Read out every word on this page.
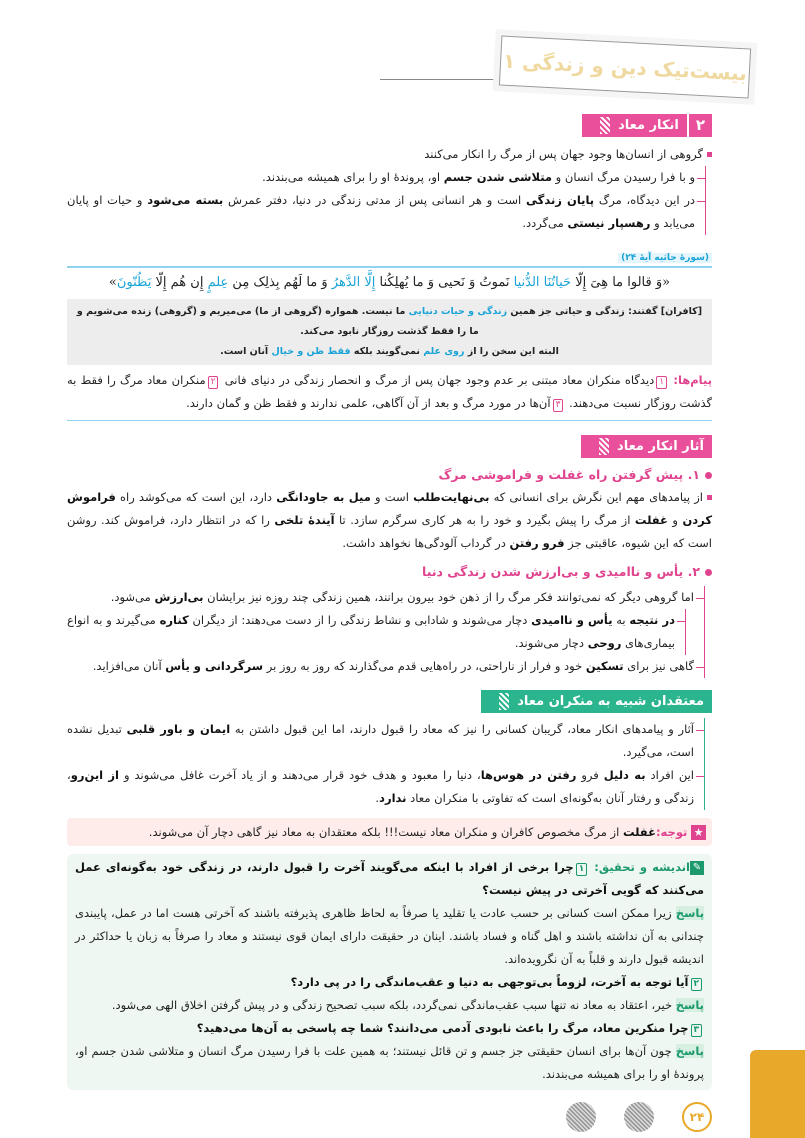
بیست‌تیک دین و زندگی ۱
۲
انکار معاد
گروهی از انسان‌ها وجود جهان پس از مرگ را انکار می‌کنند
و با فرا رسیدن مرگ انسان و متلاشی شدن جسم او، پروندهٔ او را برای همیشه می‌بندند.
در این دیدگاه، مرگ پایان زندگی است و هر انسانی پس از مدتی زندگی در دنیا، دفتر عمرش بسته می‌شود و حیات او پایان می‌یابد و رهسپار نیستی می‌گردد.
(سورهٔ جاثیه آیهٔ ۲۴)
«وَ قالوا ما هِیَ إِلّا حَیاتُنَا الدُّنیا نَموتُ وَ نَحیی وَ ما یُهلِکُنا إِلَّا الدَّهرُ وَ ما لَهُم بِذلِک مِن عِلمٍ إِن هُم إِلّا یَظُنّونَ»
[کافران] گفتند: زندگی و حیاتی جز همین زندگی و حیات دنیایی ما نیست. همواره (گروهی از ما) می‌میریم و (گروهی) زنده می‌شویم و ما را فقط گذشت روزگار نابود می‌کند.
البته این سخن را از روی علم نمی‌گویند بلکه فقط ظن و خیال آنان است.
پیام‌ها: ۱دیدگاه منکران معاد مبتنی بر عدم وجود جهان پس از مرگ و انحصار زندگی در دنیای فانی ۲منکران معاد مرگ را فقط به گذشت روزگار نسبت می‌دهند. ۳آن‌ها در مورد مرگ و بعد از آن آگاهی، علمی ندارند و فقط ظن و گمان دارند.
آثار انکار معاد
۱. پیش گرفتن راه غفلت و فراموشی مرگ
از پیامدهای مهم این نگرش برای انسانی که بی‌نهایت‌طلب است و میل به جاودانگی دارد، این است که می‌کوشد راه فراموش کردن و غفلت از مرگ را پیش بگیرد و خود را به هر کاری سرگرم سازد. تا آیندهٔ تلخی را که در انتظار دارد، فراموش کند. روشن است که این شیوه، عاقبتی جز فرو رفتن در گرداب آلودگی‌ها نخواهد داشت.
۲. یأس و ناامیدی و بی‌ارزش شدن زندگی دنیا
اما گروهی دیگر که نمی‌توانند فکر مرگ را از ذهن خود بیرون برانند، همین زندگی چند روزه نیز برایشان بی‌ارزش می‌شود.
در نتیجه به یأس و ناامیدی دچار می‌شوند و شادابی و نشاط زندگی را از دست می‌دهند: از دیگران کناره می‌گیرند و به انواع بیماری‌های روحی دچار می‌شوند.
گاهی نیز برای تسکین خود و فرار از ناراحتی، در راه‌هایی قدم می‌گذارند که روز به روز بر سرگردانی و یأس آنان می‌افزاید.
معتقدان شبیه به منکران معاد
آثار و پیامدهای انکار معاد، گریبان کسانی را نیز که معاد را قبول دارند، اما این قبول داشتن به ایمان و باور قلبی تبدیل نشده است، می‌گیرد.
این افراد به دلیل فرو رفتن در هوس‌ها، دنیا را معبود و هدف خود قرار می‌دهند و از یاد آخرت غافل می‌شوند و از این‌رو، زندگی و رفتار آنان به‌گونه‌ای است که تفاوتی با منکران معاد ندارد.
★ توجه:غفلت از مرگ مخصوص کافران و منکران معاد نیست!!! بلکه معتقدان به معاد نیز گاهی دچار آن می‌شوند.
✎اندیشه و تحقیق: ۱چرا برخی از افراد با اینکه می‌گویند آخرت را قبول دارند، در زندگی خود به‌گونه‌ای عمل می‌کنند که گویی آخرتی در پیش نیست؟
پاسخ زیرا ممکن است کسانی بر حسب عادت یا تقلید یا صرفاً به لحاظ ظاهری پذیرفته باشند که آخرتی هست اما در عمل، پایبندی چندانی به آن نداشته باشند و اهل گناه و فساد باشند. اینان در حقیقت دارای ایمان قوی نیستند و معاد را صرفاً به زبان یا حداکثر در اندیشه قبول دارند و قلباً به آن نگرویده‌اند.
۲آیا توجه به آخرت، لزوماً بی‌توجهی به دنیا و عقب‌ماندگی را در پی دارد؟
پاسخ خیر، اعتقاد به معاد نه تنها سبب عقب‌ماندگی نمی‌گردد، بلکه سبب تصحیح زندگی و در پیش گرفتن اخلاق الهی می‌شود.
۳چرا منکرین معاد، مرگ را باعث نابودی آدمی می‌دانند؟ شما چه پاسخی به آن‌ها می‌دهید؟
پاسخ چون آن‌ها برای انسان حقیقتی جز جسم و تن قائل نیستند؛ به همین علت با فرا رسیدن مرگ انسان و متلاشی شدن جسم او، پروندهٔ او را برای همیشه می‌بندند.
۲۴
